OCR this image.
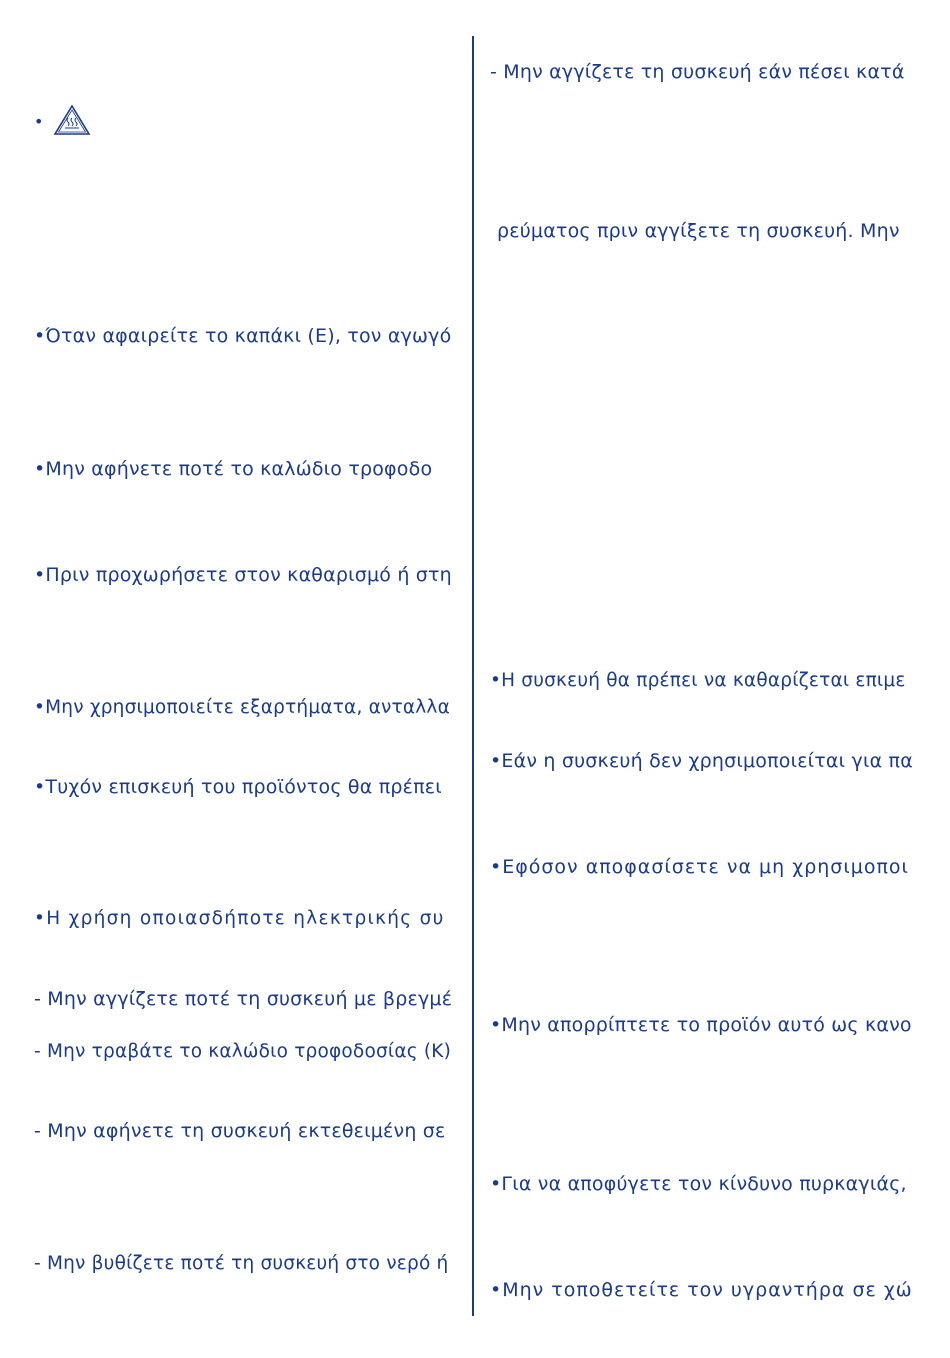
•
•Όταν αφαιρείτε το καπάκι (Ε), τον αγωγό
•Μην αφήνετε ποτέ το καλώδιο τροφοδο
•Πριν προχωρήσετε στον καθαρισμό ή στη
•Μην χρησιμοποιείτε εξαρτήματα, ανταλλα
•Τυχόν επισκευή του προϊόντος θα πρέπει
•Η χρήση οποιασδήποτε ηλεκτρικής συ
- Μην αγγίζετε ποτέ τη συσκευή με βρεγμέ
- Μην τραβάτε το καλώδιο τροφοδοσίας (Κ)
- Μην αφήνετε τη συσκευή εκτεθειμένη σε
- Μην βυθίζετε ποτέ τη συσκευή στο νερό ή
- Μην αγγίζετε τη συσκευή εάν πέσει κατά
ρεύματος πριν αγγίξετε τη συσκευή. Μην
•Η συσκευή θα πρέπει να καθαρίζεται επιμε
•Εάν η συσκευή δεν χρησιμοποιείται για πα
•Εφόσον αποφασίσετε να μη χρησιμοποι
•Μην απορρίπτετε το προϊόν αυτό ως κανο
•Για να αποφύγετε τον κίνδυνο πυρκαγιάς,
•Μην τοποθετείτε τον υγραντήρα σε χώ
